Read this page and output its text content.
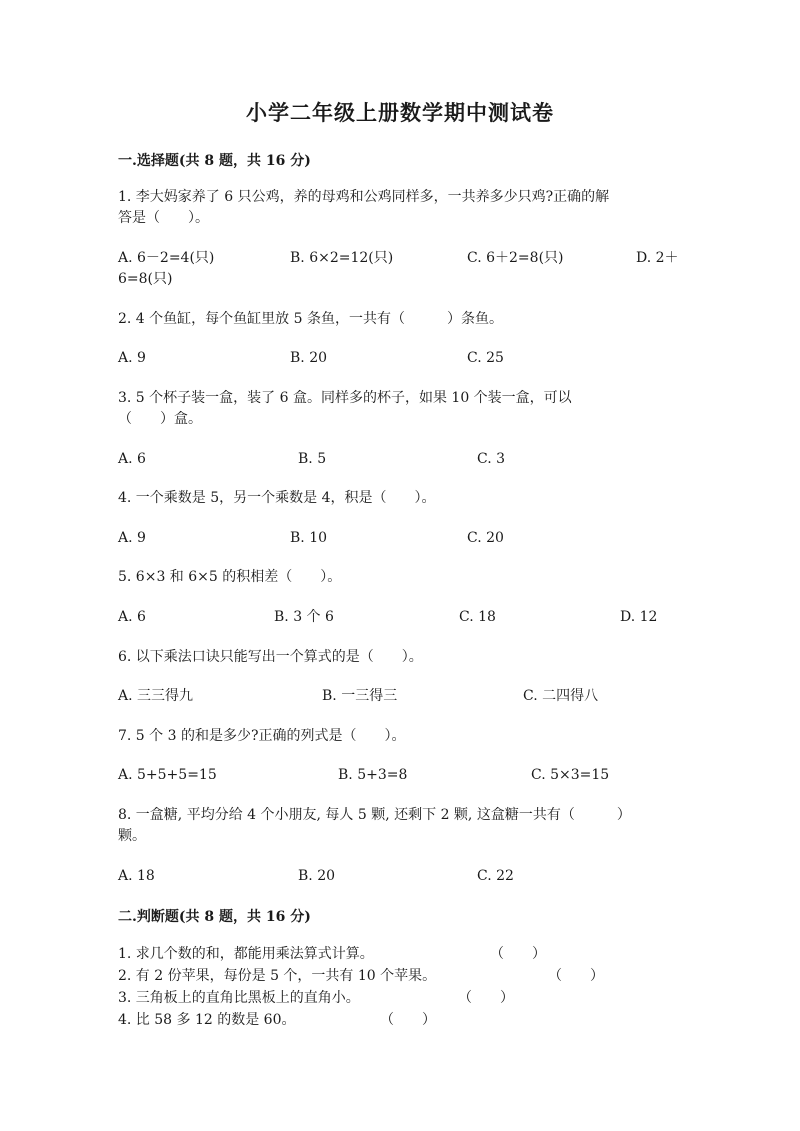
小学二年级上册数学期中测试卷
一.选择题(共 8 题，共 16 分)
1. 李大妈家养了 6 只公鸡，养的母鸡和公鸡同样多，一共养多少只鸡?正确的解
答是（　　）。
A. 6－2=4(只)	B. 6×2=12(只)	C. 6＋2=8(只)	D. 2＋
6=8(只)
2. 4 个鱼缸，每个鱼缸里放 5 条鱼，一共有（　　　）条鱼。
A. 9	B. 20	C. 25
3. 5 个杯子装一盒，装了 6 盒。同样多的杯子，如果 10 个装一盒，可以
（　　）盒。
A. 6	B. 5	C. 3
4. 一个乘数是 5，另一个乘数是 4，积是（　　）。
A. 9	B. 10	C. 20
5. 6×3 和 6×5 的积相差（　　）。
A. 6	B. 3 个 6	C. 18	D. 12
6. 以下乘法口诀只能写出一个算式的是（　　）。
A. 三三得九	B. 一三得三	C. 二四得八
7. 5 个 3 的和是多少?正确的列式是（　　）。
A. 5+5+5=15	B. 5+3=8	C. 5×3=15
8. 一盒糖, 平均分给 4 个小朋友, 每人 5 颗, 还剩下 2 颗, 这盒糖一共有（　　　）
颗。
A. 18	B. 20	C. 22
二.判断题(共 8 题，共 16 分)
1. 求几个数的和，都能用乘法算式计算。	（　　）
2. 有 2 份苹果，每份是 5 个，一共有 10 个苹果。	（　　）
3. 三角板上的直角比黑板上的直角小。	（　　）
4. 比 58 多 12 的数是 60。	（　　）
